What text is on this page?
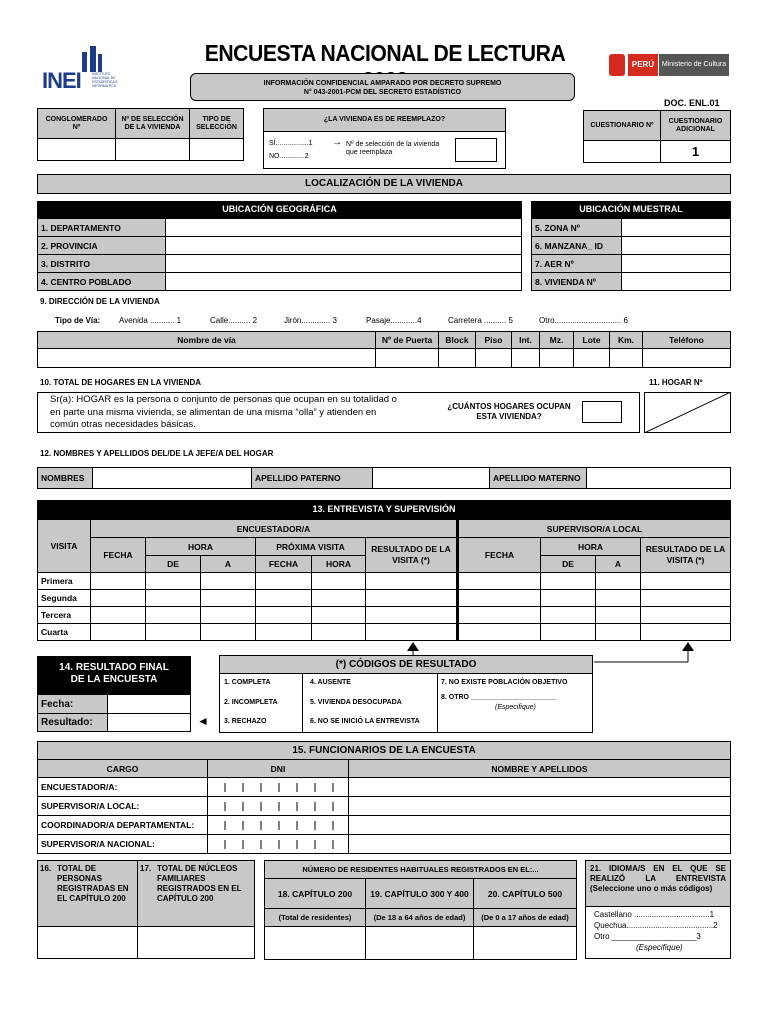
INEI	INSTITUTO
NACIONAL DE
ESTADÍSTICA E
INFORMÁTICA
ENCUESTA NACIONAL DE LECTURA
INFORMACIÓN CONFIDENCIAL AMPARADO POR DECRETO SUPREMO
N° 043-2001-PCM DEL SECRETO ESTADÍSTICO
PERÚ	Ministerio de Cultura
DOC. ENL.01
CONGLOMERADO Nº	Nº DE SELECCIÓN DE LA VIVIENDA	TIPO DE SELECCIÓN

¿LA VIVIENDA ES DE REEMPLAZO?
SÍ.................1 →
NO.............2
Nº de selección de la vivienda que reemplaza
CUESTIONARIO Nº	CUESTIONARIO ADICIONAL
	1
LOCALIZACIÓN DE LA VIVIENDA
UBICACIÓN GEOGRÁFICA	UBICACIÓN MUESTRAL
1. DEPARTAMENTO	
2. PROVINCIA	
3. DISTRITO	
4. CENTRO POBLADO	
5. ZONA Nº	
6. MANZANA_ ID	
7. AER Nº	
8. VIVIENDA Nº	
9. DIRECCIÓN DE LA VIVIENDA
Tipo de Vía: Avenida ........... 1	Calle.......... 2	Jirón............. 3	Pasaje............4	Carretera .......... 5	Otro.............................. 6
Nombre de vía	Nº de Puerta	Block	Piso	Int.	Mz.	Lote	Km.	Teléfono

10. TOTAL DE HOGARES EN LA VIVIENDA	11. HOGAR Nº
Sr(a): HOGAR es la persona o conjunto de personas que ocupan en su totalidad o en parte una misma vivienda, se alimentan de una misma “olla” y atienden en común otras necesidades básicas.
¿CUÁNTOS HOGARES OCUPAN ESTA VIVIENDA?
12. NOMBRES Y APELLIDOS DEL/DE LA JEFE/A DEL HOGAR
NOMBRES		APELLIDO PATERNO		APELLIDO MATERNO	
13. ENTREVISTA Y SUPERVISIÓN
VISITA	ENCUESTADOR/A						SUPERVISOR/A LOCAL			
	FECHA	HORA		PRÓXIMA VISITA		RESULTADO DE LA VISITA (*)	FECHA	HORA		RESULTADO DE LA VISITA (*)
		DE	A	FECHA	HORA			DE	A	
Primera										
Segunda										
Tercera										
Cuarta										
◄
14. RESULTADO FINAL DE LA ENCUESTA
Fecha:	
Resultado:	
(*) CÓDIGOS DE RESULTADO
1. COMPLETA
2. INCOMPLETA
3. RECHAZO
4. AUSENTE
5. VIVIENDA DESOCUPADA
6. NO SE INICIÓ LA ENTREVISTA
7. NO EXISTE POBLACIÓN OBJETIVO
8. OTRO ______________________
(Especifique)
15. FUNCIONARIOS DE LA ENCUESTA
CARGO	DNI	NOMBRE Y APELLIDOS
ENCUESTADOR/A:		
SUPERVISOR/A LOCAL:		
COORDINADOR/A DEPARTAMENTAL:		
SUPERVISOR/A NACIONAL:		
16. TOTAL DE PERSONAS REGISTRADAS EN EL CAPÍTULO 200
17. TOTAL DE NÚCLEOS FAMILIARES REGISTRADOS EN EL CAPÍTULO 200
NÚMERO DE RESIDENTES HABITUALES REGISTRADOS EN EL:...		
18. CAPÍTULO 200	19. CAPÍTULO 300 Y 400	20. CAPÍTULO 500
(Total de residentes)	(De 18 a 64 años de edad)	(De 0 a 17 años de edad)

21. IDIOMA/S EN EL QUE SE REALIZÓ LA ENTREVISTA (Seleccione uno o más códigos)
Castellano ..................................1
Quechua.......................................2
Otro ___________________3
(Especifique)
